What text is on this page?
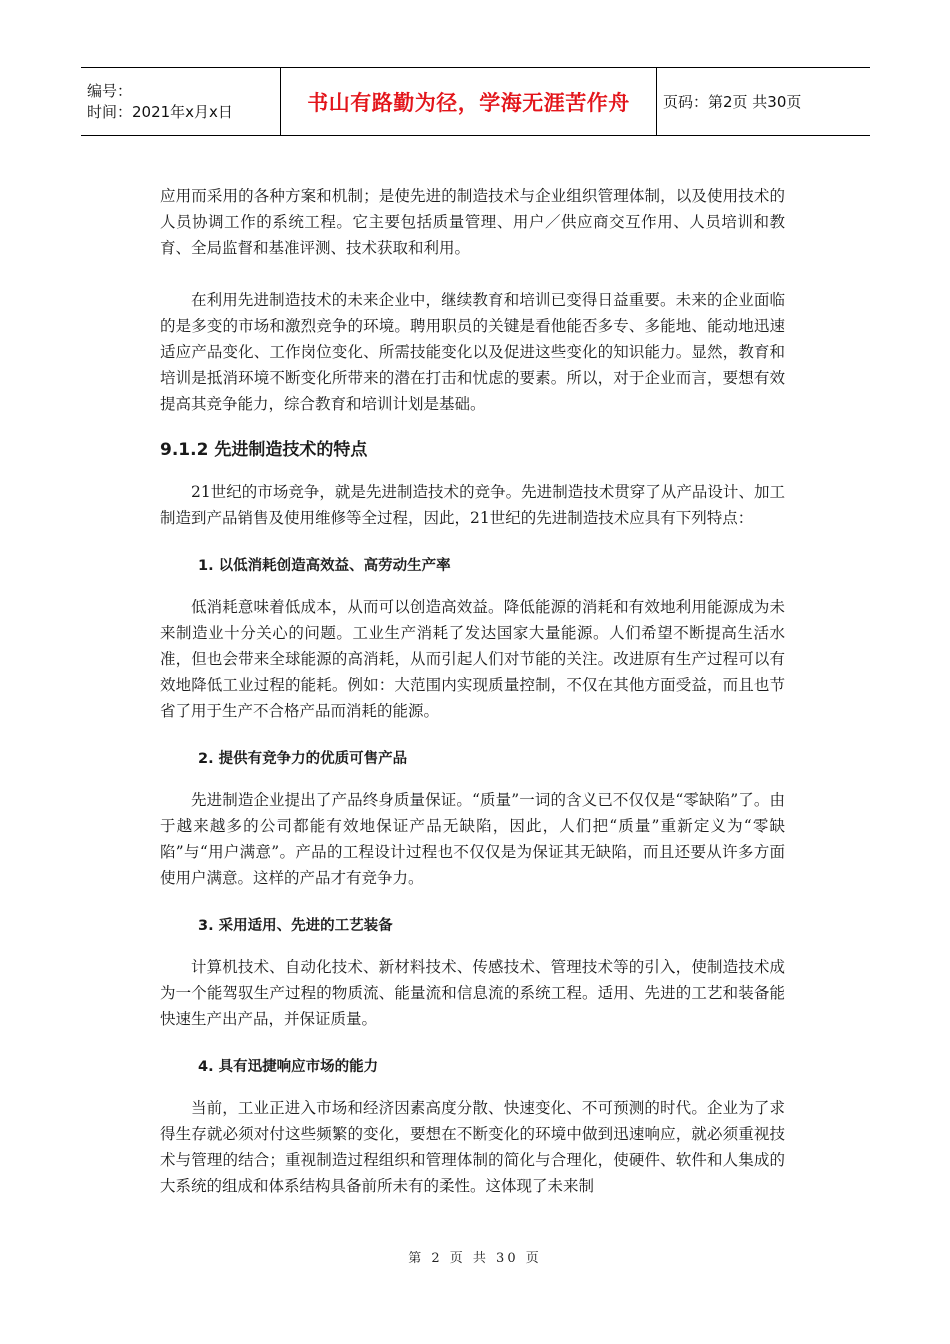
编号：
时间：2021年x月x日	书山有路勤为径，学海无涯苦作舟 页码：第2页 共30页

应用而采用的各种方案和机制；是使先进的制造技术与企业组织管理体制，以及使用技术的人员协调工作的系统工程。它主要包括质量管理、用户／供应商交互作用、人员培训和教育、全局监督和基准评测、技术获取和利用。

在利用先进制造技术的未来企业中，继续教育和培训已变得日益重要。未来的企业面临的是多变的市场和激烈竞争的环境。聘用职员的关键是看他能否多专、多能地、能动地迅速适应产品变化、工作岗位变化、所需技能变化以及促进这些变化的知识能力。显然，教育和培训是抵消环境不断变化所带来的潜在打击和忧虑的要素。所以，对于企业而言，要想有效提高其竞争能力，综合教育和培训计划是基础。

9.1.2 先进制造技术的特点

21世纪的市场竞争，就是先进制造技术的竞争。先进制造技术贯穿了从产品设计、加工制造到产品销售及使用维修等全过程，因此，21世纪的先进制造技术应具有下列特点：

1. 以低消耗创造高效益、高劳动生产率

低消耗意味着低成本，从而可以创造高效益。降低能源的消耗和有效地利用能源成为未来制造业十分关心的问题。工业生产消耗了发达国家大量能源。人们希望不断提高生活水准，但也会带来全球能源的高消耗，从而引起人们对节能的关注。改进原有生产过程可以有效地降低工业过程的能耗。例如：大范围内实现质量控制，不仅在其他方面受益，而且也节省了用于生产不合格产品而消耗的能源。

2. 提供有竞争力的优质可售产品

先进制造企业提出了产品终身质量保证。“质量”一词的含义已不仅仅是“零缺陷”了。由于越来越多的公司都能有效地保证产品无缺陷，因此，人们把“质量”重新定义为“零缺陷”与“用户满意”。产品的工程设计过程也不仅仅是为保证其无缺陷，而且还要从许多方面使用户满意。这样的产品才有竞争力。

3. 采用适用、先进的工艺装备

计算机技术、自动化技术、新材料技术、传感技术、管理技术等的引入，使制造技术成为一个能驾驭生产过程的物质流、能量流和信息流的系统工程。适用、先进的工艺和装备能快速生产出产品，并保证质量。

4. 具有迅捷响应市场的能力

当前，工业正进入市场和经济因素高度分散、快速变化、不可预测的时代。企业为了求得生存就必须对付这些频繁的变化，要想在不断变化的环境中做到迅速响应，就必须重视技术与管理的结合；重视制造过程组织和管理体制的简化与合理化，使硬件、软件和人集成的大系统的组成和体系结构具备前所未有的柔性。这体现了未来制

第 2 页 共 30 页
